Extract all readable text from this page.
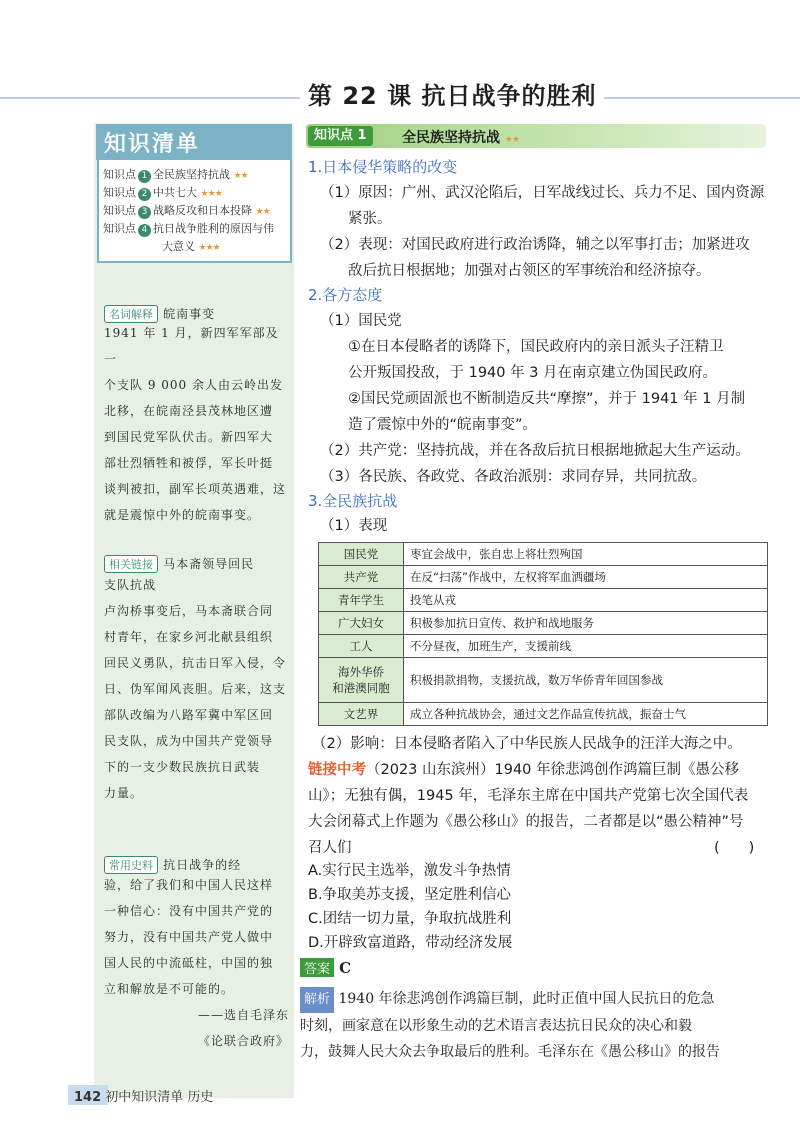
第 22 课 抗日战争的胜利
知识清单
知识点 1 全民族坚持抗战 ★★
知识点 2 中共七大 ★★★
知识点 3 战略反攻和日本投降 ★★
知识点 4 抗日战争胜利的原因与伟
大意义 ★★★
名词解释 皖南事变
1941 年 1 月，新四军军部及一
个支队 9 000 余人由云岭出发
北移，在皖南泾县茂林地区遭
到国民党军队伏击。新四军大
部壮烈牺牲和被俘，军长叶挺
谈判被扣，副军长项英遇难，这
就是震惊中外的皖南事变。
相关链接 马本斋领导回民
支队抗战
卢沟桥事变后，马本斋联合同
村青年，在家乡河北献县组织
回民义勇队，抗击日军入侵，令
日、伪军闻风丧胆。后来，这支
部队改编为八路军冀中军区回
民支队，成为中国共产党领导
下的一支少数民族抗日武装
力量。
常用史料 抗日战争的经
验，给了我们和中国人民这样
一种信心：没有中国共产党的
努力，没有中国共产党人做中
国人民的中流砥柱，中国的独
立和解放是不可能的。
——选自毛泽东
《论联合政府》
知识点 1	全民族坚持抗战 ★★
1.日本侵华策略的改变
（1）原因：广州、武汉沦陷后，日军战线过长、兵力不足、国内资源
紧张。
（2）表现：对国民政府进行政治诱降，辅之以军事打击；加紧进攻
敌后抗日根据地；加强对占领区的军事统治和经济掠夺。
2.各方态度
（1）国民党
①在日本侵略者的诱降下，国民政府内的亲日派头子汪精卫
公开叛国投敌，于 1940 年 3 月在南京建立伪国民政府。
②国民党顽固派也不断制造反共“摩擦”，并于 1941 年 1 月制
造了震惊中外的“皖南事变”。
（2）共产党：坚持抗战，并在各敌后抗日根据地掀起大生产运动。
（3）各民族、各政党、各政治派别：求同存异，共同抗敌。
3.全民族抗战
（1）表现
国民党	枣宜会战中，张自忠上将壮烈殉国
共产党	在反“扫荡”作战中，左权将军血洒疆场
青年学生	投笔从戎
广大妇女	积极参加抗日宣传、救护和战地服务
工人	不分昼夜，加班生产，支援前线

海外华侨
和港澳同胞	积极捐款捐物，支援抗战，数万华侨青年回国参战
文艺界	成立各种抗战协会，通过文艺作品宣传抗战，振奋士气
（2）影响：日本侵略者陷入了中华民族人民战争的汪洋大海之中。
链接中考（2023 山东滨州）1940 年徐悲鸿创作鸿篇巨制《愚公移
山》；无独有偶，1945 年，毛泽东主席在中国共产党第七次全国代表
大会闭幕式上作题为《愚公移山》的报告，二者都是以“愚公精神”号
召人们	(　　)
A.实行民主选举，激发斗争热情
B.争取美苏支援，坚定胜利信心
C.团结一切力量，争取抗战胜利
D.开辟致富道路，带动经济发展
答案 C
解析 1940 年徐悲鸿创作鸿篇巨制，此时正值中国人民抗日的危急
时刻，画家意在以形象生动的艺术语言表达抗日民众的决心和毅
力，鼓舞人民大众去争取最后的胜利。毛泽东在《愚公移山》的报告
142 初中知识清单 历史
